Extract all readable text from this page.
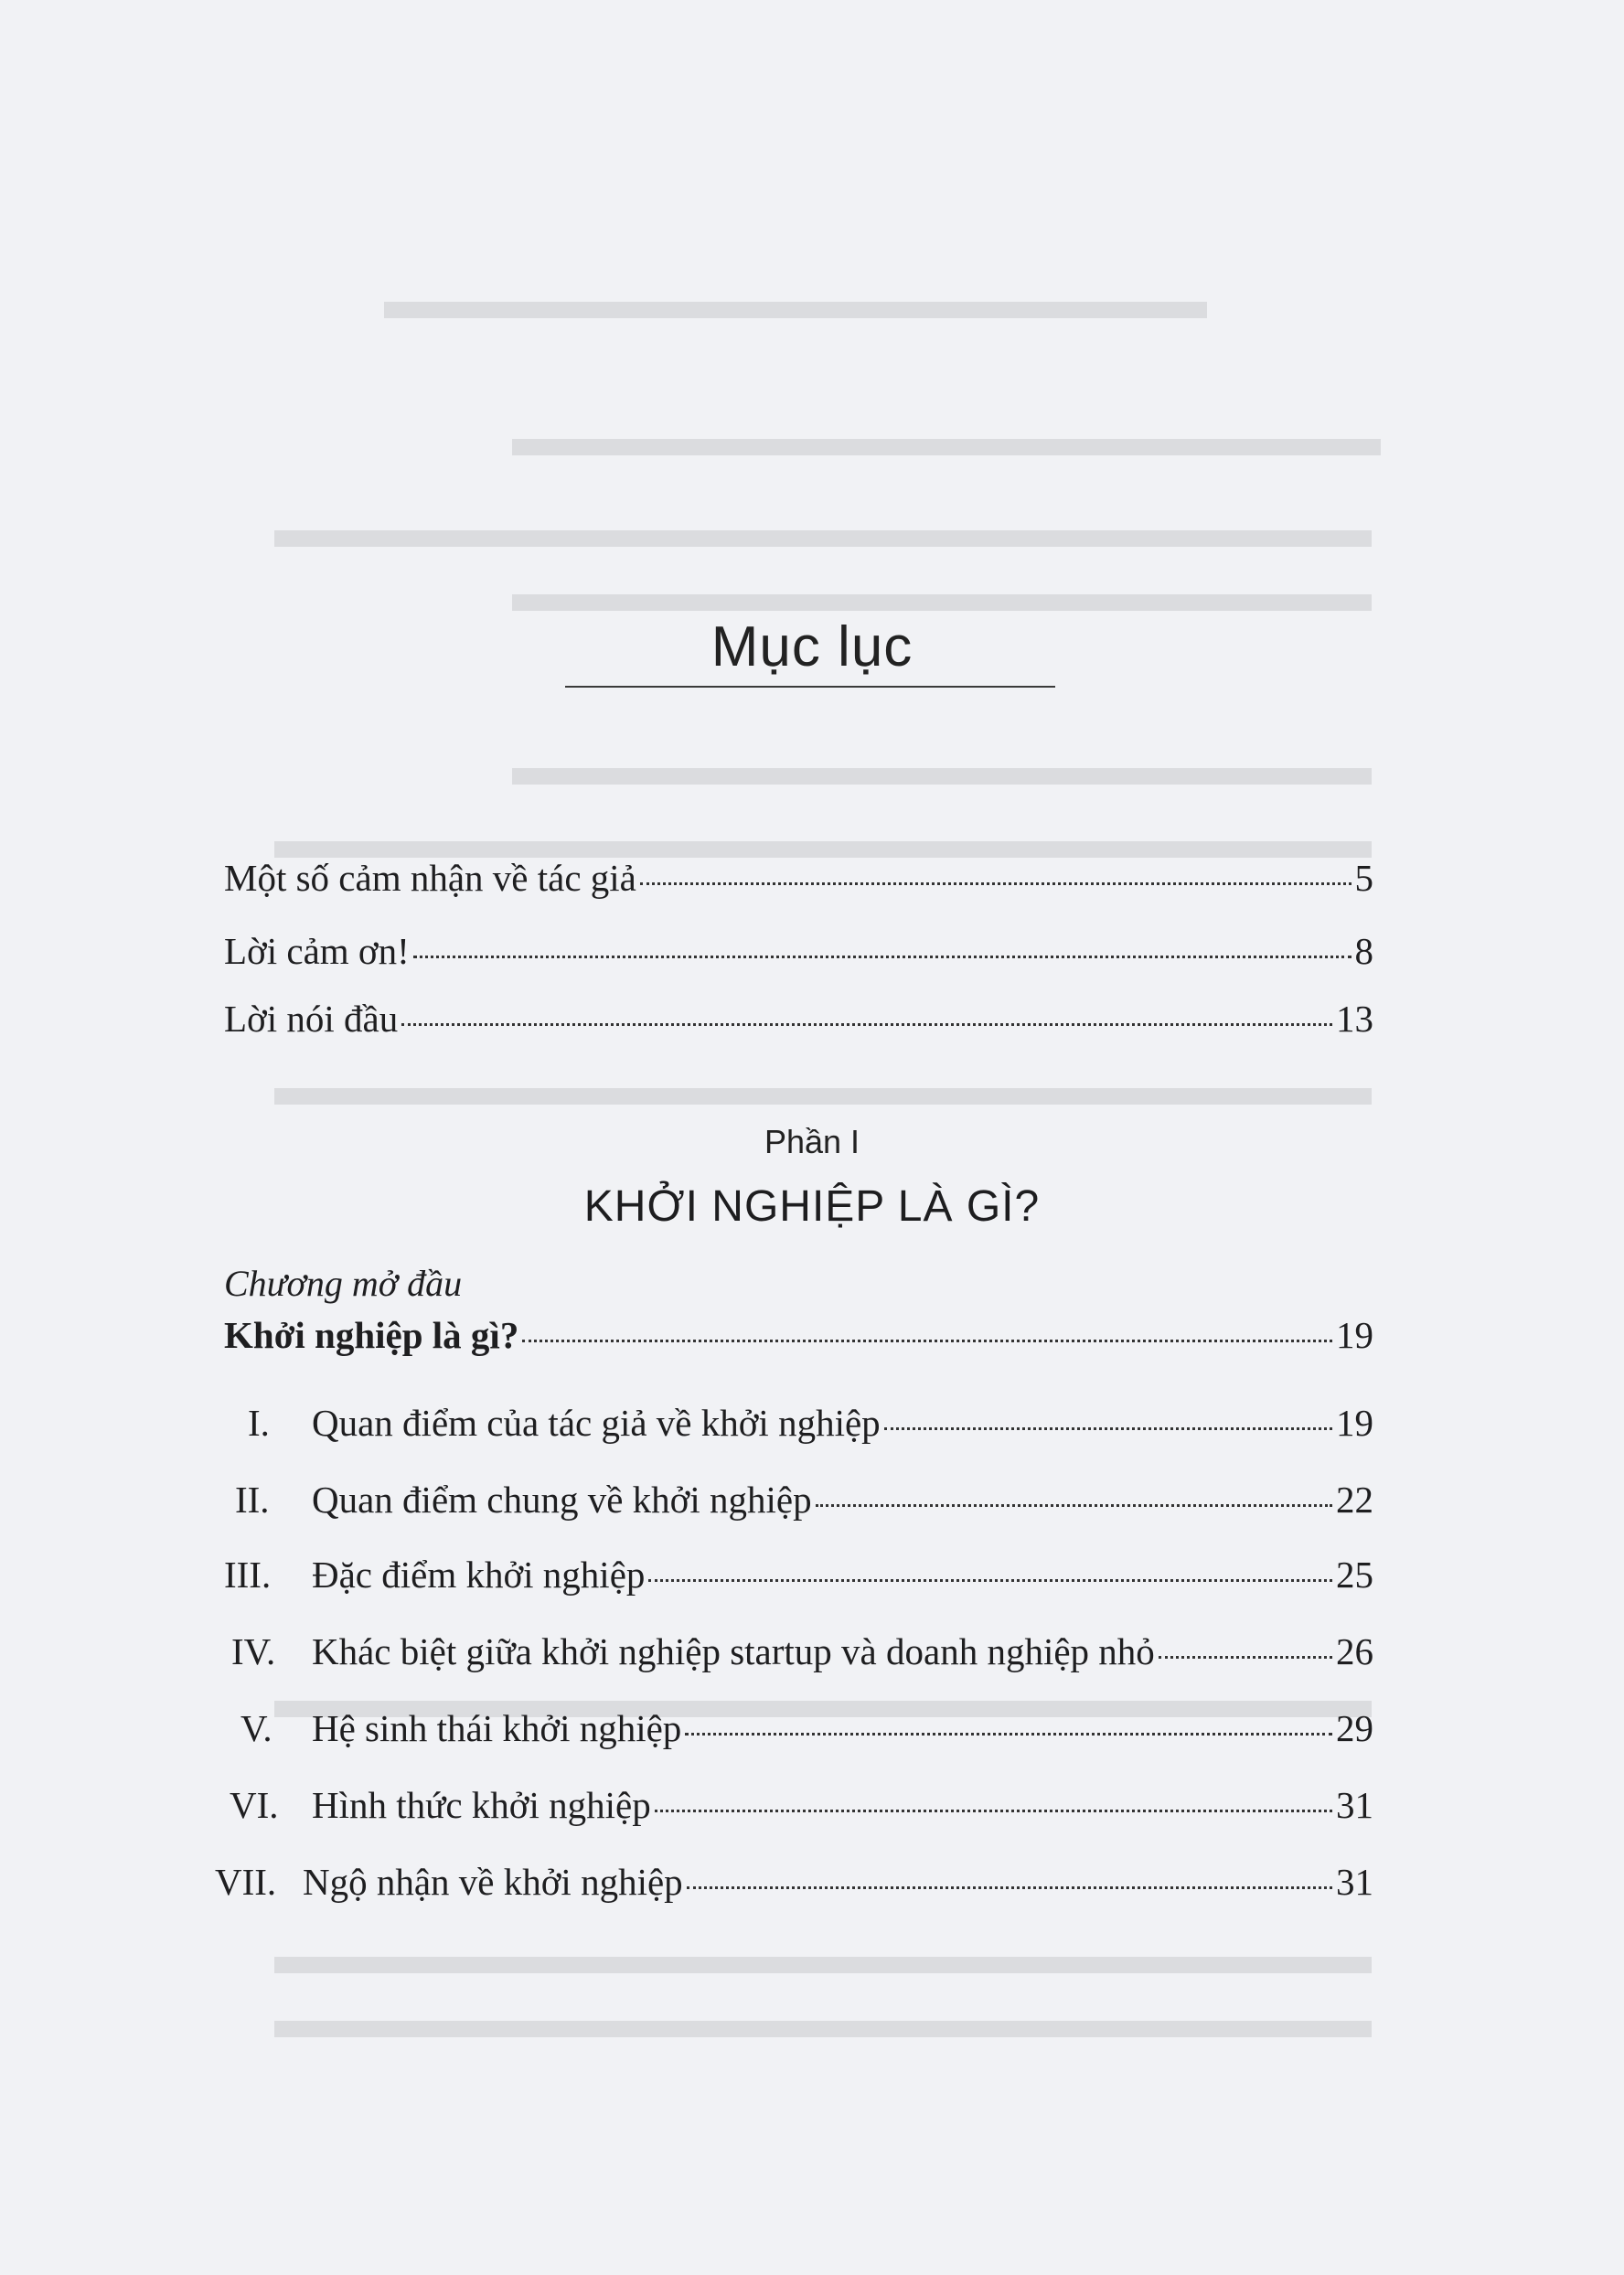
Mục lục
Một số cảm nhận về tác giả	5
Lời cảm ơn!	8
Lời nói đầu	13
Phần I
KHỞI NGHIỆP LÀ GÌ?
Chương mở đầu
Khởi nghiệp là gì?	19
I.	Quan điểm của tác giả về khởi nghiệp	19
II.	Quan điểm chung về khởi nghiệp	22
III.	Đặc điểm khởi nghiệp	25
IV. Khác biệt giữa khởi nghiệp startup và doanh nghiệp nhỏ	26
V.	Hệ sinh thái khởi nghiệp	29
VI. Hình thức khởi nghiệp	31
VII. Ngộ nhận về khởi nghiệp	31
